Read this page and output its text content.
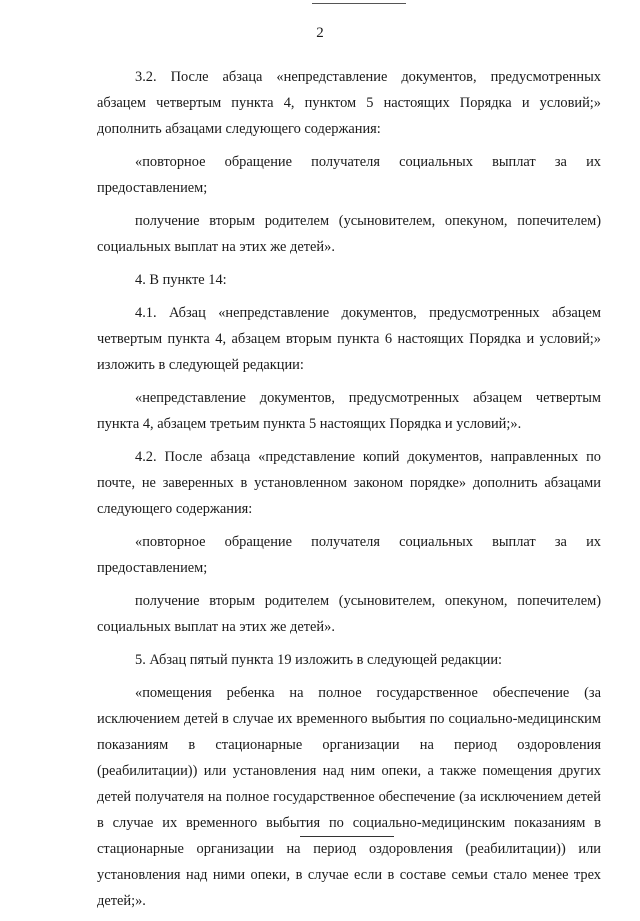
2

3.2. После абзаца «непредставление документов, предусмотренных абзацем четвертым пункта 4, пунктом 5 настоящих Порядка и условий;» дополнить абзацами следующего содержания:

«повторное обращение получателя социальных выплат за их предоставлением;

получение вторым родителем (усыновителем, опекуном, попечителем) социальных выплат на этих же детей».

4. В пункте 14:

4.1. Абзац «непредставление документов, предусмотренных абзацем четвертым пункта 4, абзацем вторым пункта 6 настоящих Порядка и условий;» изложить в следующей редакции:

«непредставление документов, предусмотренных абзацем четвертым пункта 4, абзацем третьим пункта 5 настоящих Порядка и условий;».

4.2. После абзаца «представление копий документов, направленных по почте, не заверенных в установленном законом порядке» дополнить абзацами следующего содержания:

«повторное обращение получателя социальных выплат за их предоставлением;

получение вторым родителем (усыновителем, опекуном, попечителем) социальных выплат на этих же детей».

5. Абзац пятый пункта 19 изложить в следующей редакции:

«помещения ребенка на полное государственное обеспечение (за исключением детей в случае их временного выбытия по социально-медицинским показаниям в стационарные организации на период оздоровления (реабилитации)) или установления над ним опеки, а также помещения других детей получателя на полное государственное обеспечение (за исключением детей в случае их временного выбытия по социально-медицинским показаниям в стационарные организации на период оздоровления (реабилитации)) или установления над ними опеки, в случае если в составе семьи стало менее трех детей;».
